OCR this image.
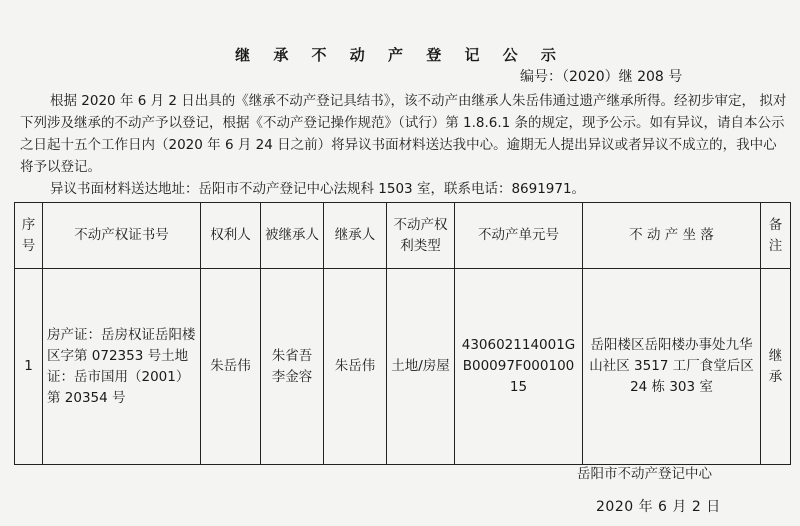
继 承 不 动 产 登 记 公 示
编号：（2020）继 208 号
根据 2020 年 6 月 2 日出具的《继承不动产登记具结书》，该不动产由继承人朱岳伟通过遗产继承所得。经初步审定， 拟对下列涉及继承的不动产予以登记，根据《不动产登记操作规范》（试行）第 1.8.6.1 条的规定，现予公示。如有异议，请自本公示之日起十五个工作日内（2020 年 6 月 24 日之前）将异议书面材料送达我中心。逾期无人提出异议或者异议不成立的，我中心将予以登记。
异议书面材料送达地址：岳阳市不动产登记中心法规科 1503 室，联系电话：8691971。
序号	不动产权证书号	权利人	被继承人	继承人	不动产权利类型	不动产单元号	不 动 产 坐 落	备注
1	房产证：岳房权证岳阳楼区字第 072353 号土地证：岳市国用（2001）第 20354 号	朱岳伟	朱省吾 李金容	朱岳伟	土地/房屋	430602114001GB00097F00010015	岳阳楼区岳阳楼办事处九华山社区 3517 工厂食堂后区 24 栋 303 室	继承
岳阳市不动产登记中心
2020 年 6 月 2 日
